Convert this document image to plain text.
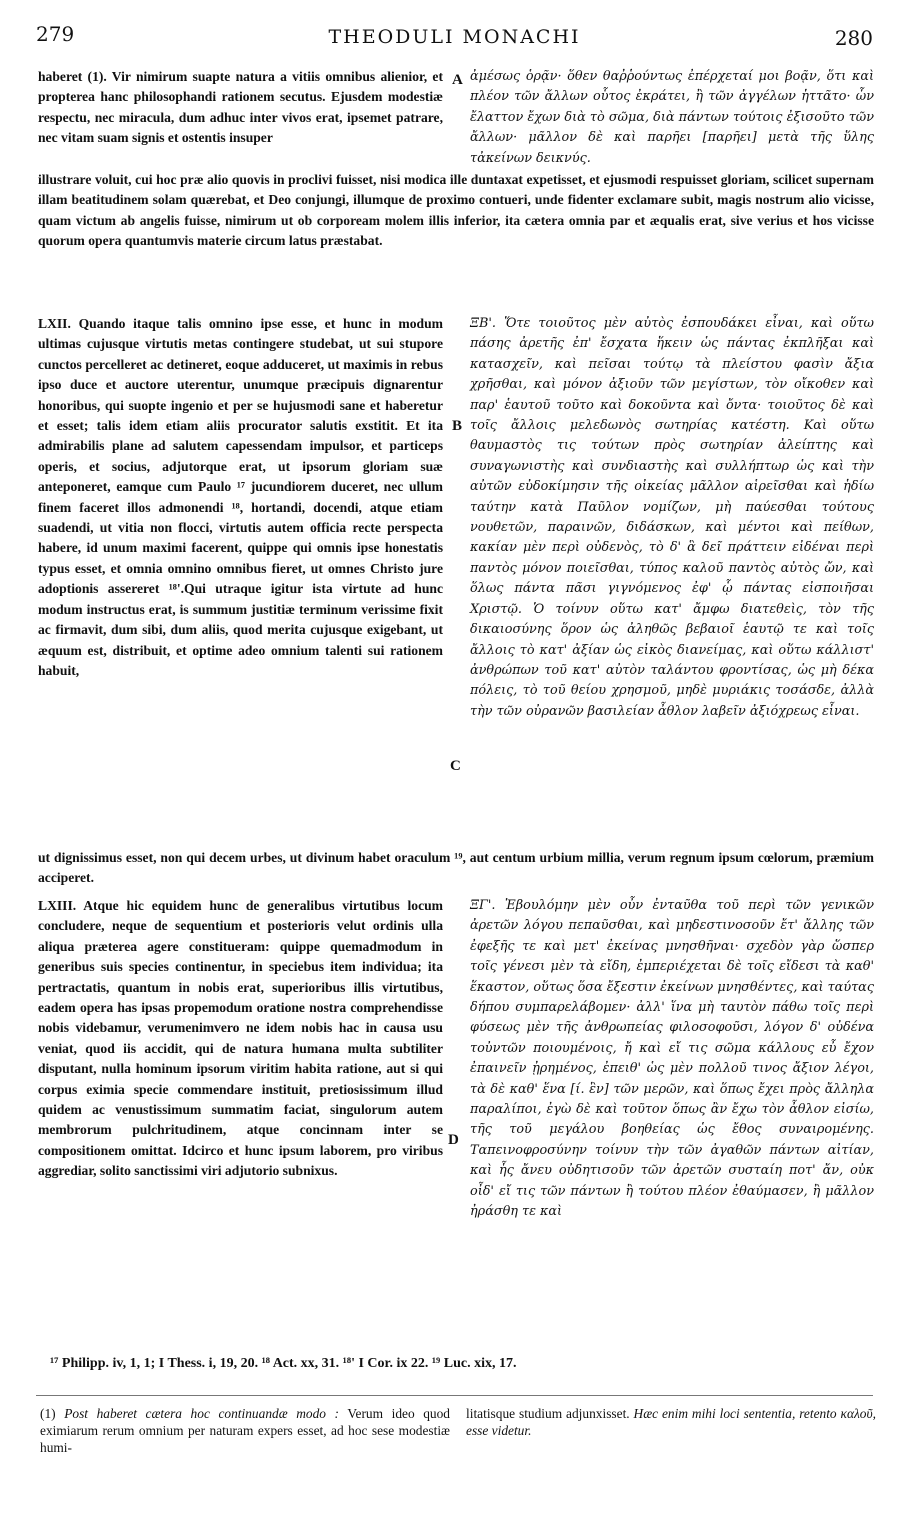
279	THEODULI MONACHI	280

haberet (1). Vir nimirum suapte natura a vitiis omnibus alienior, et propterea hanc philosophandi rationem secutus. Ejusdem modestiæ respectu, nec miracula, dum adhuc inter vivos erat, ipsemet patrare, nec vitam suam signis et ostentis insuper

A ἀμέσως ὁρᾷν· ὅθεν θαῤῥούντως ἐπέρχεταί μοι βοᾷν, ὅτι καὶ πλέον τῶν ἄλλων οὗτος ἐκράτει, ἢ τῶν ἀγγέλων ἡττᾶτο· ὧν ἔλαττον ἔχων διὰ τὸ σῶμα, διὰ πάντων τούτοις ἐξισοῦτο τῶν ἄλλων· μᾶλλον δὲ καὶ παρῆει [παρῆει] μετὰ τῆς ὕλης τἀκείνων δεικνύς.

illustrare voluit, cui hoc præ alio quovis in proclivi fuisset, nisi modica ille duntaxat expetisset, et ejusmodi respuisset gloriam, scilicet supernam illam beatitudinem solam quærebat, et Deo conjungi, illumque de proximo contueri, unde fidenter exclamare subit, magis nostrum alio vicisse, quam victum ab angelis fuisse, nimirum ut ob corpoream molem illis inferior, ita cætera omnia par et æqualis erat, sive verius et hos vicisse quorum opera quantumvis materie circum latus præstabat.

LXII. Quando itaque talis omnino ipse esse, et hunc in modum ultimas cujusque virtutis metas contingere studebat, ut sui stupore cunctos percelleret ac detineret, eoque adduceret, ut maximis in rebus ipso duce et auctore uterentur, unumque præcipuis dignarentur honoribus, qui suopte ingenio et per se hujusmodi sane et haberetur et esset; talis idem etiam aliis procurator salutis exstitit. Et ita admirabilis plane ad salutem capessendam impulsor, et particeps operis, et socius, adjutorque erat, ut ipsorum gloriam suæ anteponeret, eamque cum Paulo ¹⁷ jucundiorem duceret, nec ullum finem faceret illos admonendi ¹⁸, hortandi, docendi, atque etiam suadendi, ut vitia non flocci, virtutis autem officia recte perspecta habere, id unum maximi facerent, quippe qui omnis ipse honestatis typus esset, et omnia omnino omnibus fieret, ut omnes Christo jure adoptionis assereret ¹⁸'.Qui utraque igitur ista virtute ad hunc modum instructus erat, is summum justitiæ terminum verissime fixit ac firmavit, dum sibi, dum aliis, quod merita cujusque exigebant, ut æquum est, distribuit, et optime adeo omnium talenti sui rationem habuit,

B
C

ΞΒ'. Ὅτε τοιοῦτος μὲν αὐτὸς ἐσπουδάκει εἶναι, καὶ οὕτω πάσης ἀρετῆς ἐπ' ἔσχατα ἥκειν ὡς πάντας ἐκπλῆξαι καὶ κατασχεῖν, καὶ πεῖσαι τούτῳ τὰ πλείστου φασὶν ἄξια χρῆσθαι, καὶ μόνον ἀξιοῦν τῶν μεγίστων, τὸν οἴκοθεν καὶ παρ' ἑαυτοῦ τοῦτο καὶ δοκοῦντα καὶ ὄντα· τοιοῦτος δὲ καὶ τοῖς ἄλλοις μελεδωνὸς σωτηρίας κατέστη. Καὶ οὕτω θαυμαστὸς τις τούτων πρὸς σωτηρίαν ἀλείπτης καὶ συναγωνιστὴς καὶ συνδιαστὴς καὶ συλλήπτωρ ὡς καὶ τὴν αὐτῶν εὐδοκίμησιν τῆς οἰκείας μᾶλλον αἱρεῖσθαι καὶ ἡδίω ταύτην κατὰ Παῦλον νομίζων, μὴ παύεσθαι τούτους νουθετῶν, παραινῶν, διδάσκων, καὶ μέντοι καὶ πείθων, κακίαν μὲν περὶ οὐδενὸς, τὸ δ' ἃ δεῖ πράττειν εἰδέναι περὶ παντὸς μόνον ποιεῖσθαι, τύπος καλοῦ παντὸς αὐτὸς ὤν, καὶ ὅλως πάντα πᾶσι γιγνόμενος ἐφ' ᾧ πάντας εἰσποιῆσαι Χριστῷ. Ὁ τοίνυν οὕτω κατ' ἄμφω διατεθεὶς, τὸν τῆς δικαιοσύνης ὅρον ὡς ἀληθῶς βεβαιοῖ ἑαυτῷ τε καὶ τοῖς ἄλλοις τὸ κατ' ἀξίαν ὡς εἰκὸς διανείμας, καὶ οὕτω κάλλιστ' ἀνθρώπων τοῦ κατ' αὐτὸν ταλάντου φροντίσας, ὡς μὴ δέκα πόλεις, τὸ τοῦ θείου χρησμοῦ, μηδὲ μυριάκις τοσάσδε, ἀλλὰ τὴν τῶν οὐρανῶν βασιλείαν ἆθλον λαβεῖν ἀξιόχρεως εἶναι.

ut dignissimus esset, non qui decem urbes, ut divinum habet oraculum ¹⁹, aut centum urbium millia, verum regnum ipsum cœlorum, præmium acciperet.

LXIII. Atque hic equidem hunc de generalibus virtutibus locum concludere, neque de sequentium et posterioris velut ordinis ulla aliqua præterea agere constitueram: quippe quemadmodum in generibus suis species continentur, in speciebus item individua; ita pertractatis, quantum in nobis erat, superioribus illis virtutibus, eadem opera has ipsas propemodum oratione nostra comprehendisse nobis videbamur, verumenimvero ne idem nobis hac in causa usu veniat, quod iis accidit, qui de natura humana multa subtiliter disputant, nulla hominum ipsorum viritim habita ratione, aut si qui corpus eximia specie commendare instituit, pretiosissimum illud quidem ac venustissimum summatim faciat, singulorum autem membrorum pulchritudinem, atque concinnam inter se compositionem omittat. Idcirco et hunc ipsum laborem, pro viribus aggrediar, solito sanctissimi viri adjutorio subnixus.

D

ΞΓ'. Ἐβουλόμην μὲν οὖν ἐνταῦθα τοῦ περὶ τῶν γενικῶν ἀρετῶν λόγου πεπαῦσθαι, καὶ μηδεστινοσοῦν ἔτ' ἄλλης τῶν ἐφεξῆς τε καὶ μετ' ἐκείνας μνησθῆναι· σχεδὸν γὰρ ὥσπερ τοῖς γένεσι μὲν τὰ εἴδη, ἐμπεριέχεται δὲ τοῖς εἴδεσι τὰ καθ' ἕκαστον, οὕτως ὅσα ἔξεστιν ἐκείνων μνησθέντες, καὶ ταύτας δήπου συμπαρελάβομεν· ἀλλ' ἵνα μὴ ταυτὸν πάθω τοῖς περὶ φύσεως μὲν τῆς ἀνθρωπείας φιλοσοφοῦσι, λόγον δ' οὐδένα τοὐντῶν ποιουμένοις, ἤ καὶ εἴ τις σῶμα κάλλους εὖ ἔχον ἐπαινεῖν ᾐρημένος, ἐπειθ' ὡς μὲν πολλοῦ τινος ἄξιον λέγοι, τὰ δὲ καθ' ἕνα [ί. ἓν] τῶν μερῶν, καὶ ὅπως ἔχει πρὸς ἄλληλα παραλίποι, ἐγὼ δὲ καὶ τοῦτον ὅπως ἂν ἔχω τὸν ἆθλον εἰσίω, τῆς τοῦ μεγάλου βοηθείας ὡς ἔθος συναιρομένης. Ταπεινοφροσύνην τοίνυν τὴν τῶν ἀγαθῶν πάντων αἰτίαν, καὶ ἧς ἄνευ οὐδητισοῦν τῶν ἀρετῶν συσταίη ποτ' ἄν, οὐκ οἶδ' εἴ τις τῶν πάντων ἢ τούτου πλέον ἐθαύμασεν, ἢ μᾶλλον ἠράσθη τε καὶ

¹⁷ Philipp. iv, 1, 1; I Thess. i, 19, 20. ¹⁸ Act. xx, 31. ¹⁸' I Cor. ix 22. ¹⁹ Luc. xix, 17.
(1) Post haberet cætera hoc continuandæ modo : Verum ideo quod eximiarum rerum omnium per naturam expers esset, ad hoc sese modestiæ humi-
litatisque studium adjunxisset. Hæc enim mihi loci sententia, retento καλοῦ, esse videtur.
